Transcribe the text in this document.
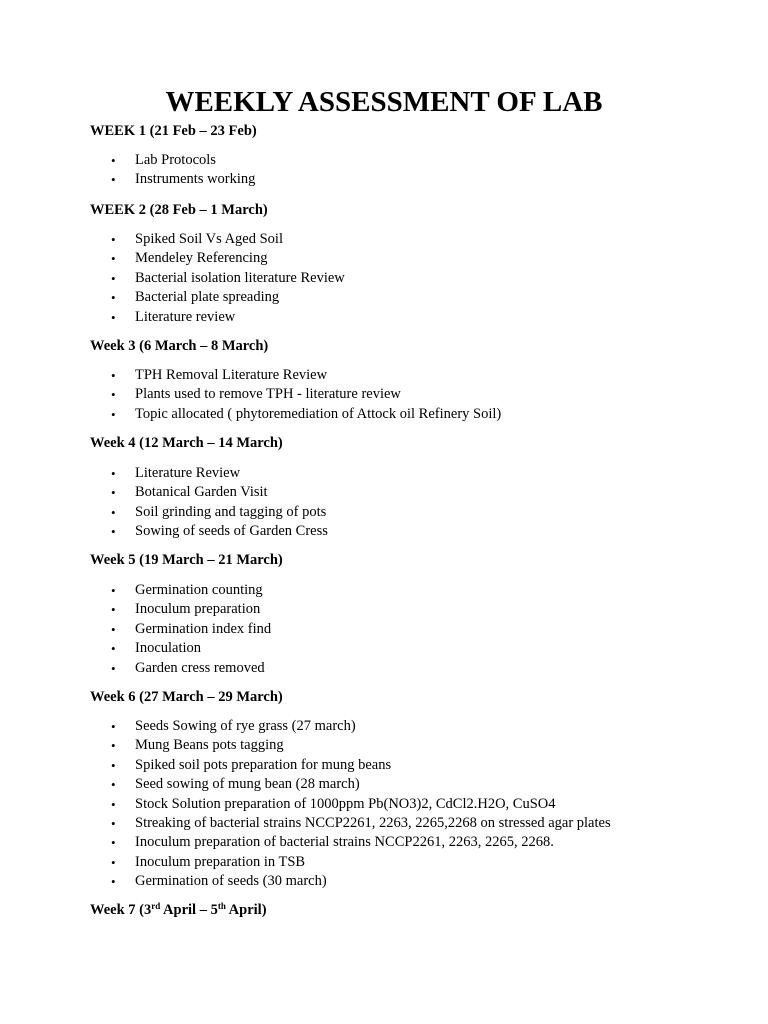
WEEKLY ASSESSMENT OF LAB

WEEK 1 (21 Feb – 23 Feb)

• Lab Protocols
• Instruments working

WEEK 2 (28 Feb – 1 March)

• Spiked Soil Vs Aged Soil
• Mendeley Referencing
• Bacterial isolation literature Review
• Bacterial plate spreading
• Literature review

Week 3 (6 March – 8 March)

• TPH Removal Literature Review
• Plants used to remove TPH - literature review
• Topic allocated ( phytoremediation of Attock oil Refinery Soil)

Week 4 (12 March – 14 March)

• Literature Review
• Botanical Garden Visit
• Soil grinding and tagging of pots
• Sowing of seeds of Garden Cress

Week 5 (19 March – 21 March)

• Germination counting
• Inoculum preparation
• Germination index find
• Inoculation
• Garden cress removed

Week 6 (27 March – 29 March)

• Seeds Sowing of rye grass (27 march)
• Mung Beans pots tagging
• Spiked soil pots preparation for mung beans
• Seed sowing of mung bean (28 march)
• Stock Solution preparation of 1000ppm Pb(NO3)2, CdCl2.H2O, CuSO4
• Streaking of bacterial strains NCCP2261, 2263, 2265,2268 on stressed agar plates
• Inoculum preparation of bacterial strains NCCP2261, 2263, 2265, 2268.
• Inoculum preparation in TSB
• Germination of seeds (30 march)

Week 7 (3rd April – 5th April)
